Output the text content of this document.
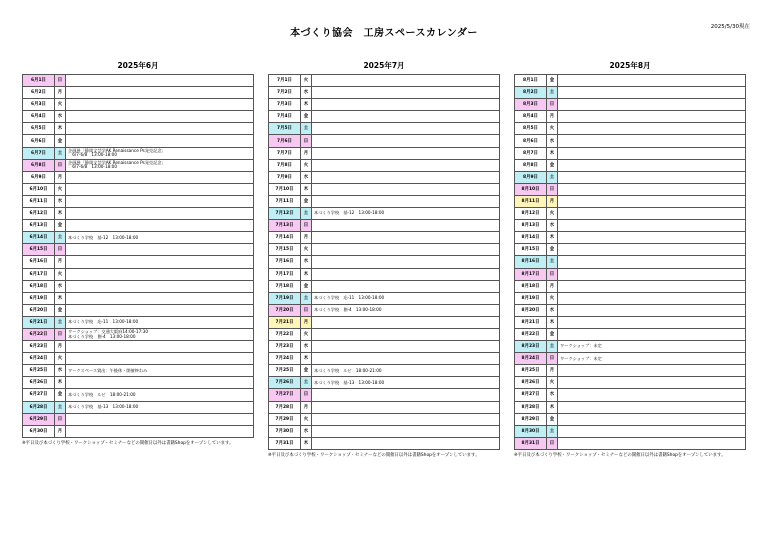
本づくり協会　工房スペースカレンダー
2025/5/30現在
2025年6月
6月1日	日	
6月2日	月	
6月3日	火	
6月4日	水	
6月5日	木	
6月6日	金	
6月7日	土	企画展「静岡文芸学AK Renaissance Ps発売記念」
：6/7-6/8　13:00-18:00
6月8日	日	企画展「静岡文芸学AK Renaissance Ps発売記念」
：6/7-6/8　13:00-18:00
6月9日	月	
6月10日	火	
6月11日	水	
6月12日	木	
6月13日	金	
6月14日	土	本づくり学校　基-12　13:00-18:00
6月15日	日	
6月16日	月	
6月17日	火	
6月18日	水	
6月19日	木	
6月20日	金	
6月21日	土	本づくり学校　応-11　13:00-18:00
6月22日	日	ワークショップ：交通大阪府14:00-17:30
本づくり学校　創-4　13:00-18:00
6月23日	月	
6月24日	火	
6月25日	水	ワークスペース貸出：午後休・開催終わみ
6月26日	木	
6月27日	金	本づくり学校　ルビ　18:00-21:00
6月28日	土	本づくり学校　基-13　13:00-18:00
6月29日	日	
6月30日	月	
※平日及び本づくり学校・ワークショップ・セミナーなどの開催日以外は書籍Shopをオープンしています。
2025年7月
7月1日	火	
7月2日	水	
7月3日	木	
7月4日	金	
7月5日	土	
7月6日	日	
7月7日	月	
7月8日	火	
7月9日	水	
7月10日	木	
7月11日	金	
7月12日	土	本づくり学校　基-12　13:00-18:00
7月13日	日	
7月14日	月	
7月15日	火	
7月16日	水	
7月17日	木	
7月18日	金	
7月19日	土	本づくり学校　応-11　13:00-18:00
7月20日	日	本づくり学校　創-4　13:00-18:00
7月21日	月	
7月22日	火	
7月23日	水	
7月24日	木	
7月25日	金	本づくり学校　ルビ　18:00-21:00
7月26日	土	本づくり学校　基-13　13:00-18:00
7月27日	日	
7月28日	月	
7月29日	火	
7月30日	水	
7月31日	木	
※平日及び本づくり学校・ワークショップ・セミナーなどの開催日以外は書籍Shopをオープンしています。
2025年8月
8月1日	金	
8月2日	土	
8月3日	日	
8月4日	月	
8月5日	火	
8月6日	水	
8月7日	木	
8月8日	金	
8月9日	土	
8月10日	日	
8月11日	月	
8月12日	火	
8月13日	水	
8月14日	木	
8月15日	金	
8月16日	土	
8月17日	日	
8月18日	月	
8月19日	火	
8月20日	水	
8月21日	木	
8月22日	金	
8月23日	土	ワークショップ：未定
8月24日	日	ワークショップ：未定
8月25日	月	
8月26日	火	
8月27日	水	
8月28日	木	
8月29日	金	
8月30日	土	
8月31日	日	
※平日及び本づくり学校・ワークショップ・セミナーなどの開催日以外は書籍Shopをオープンしています。
